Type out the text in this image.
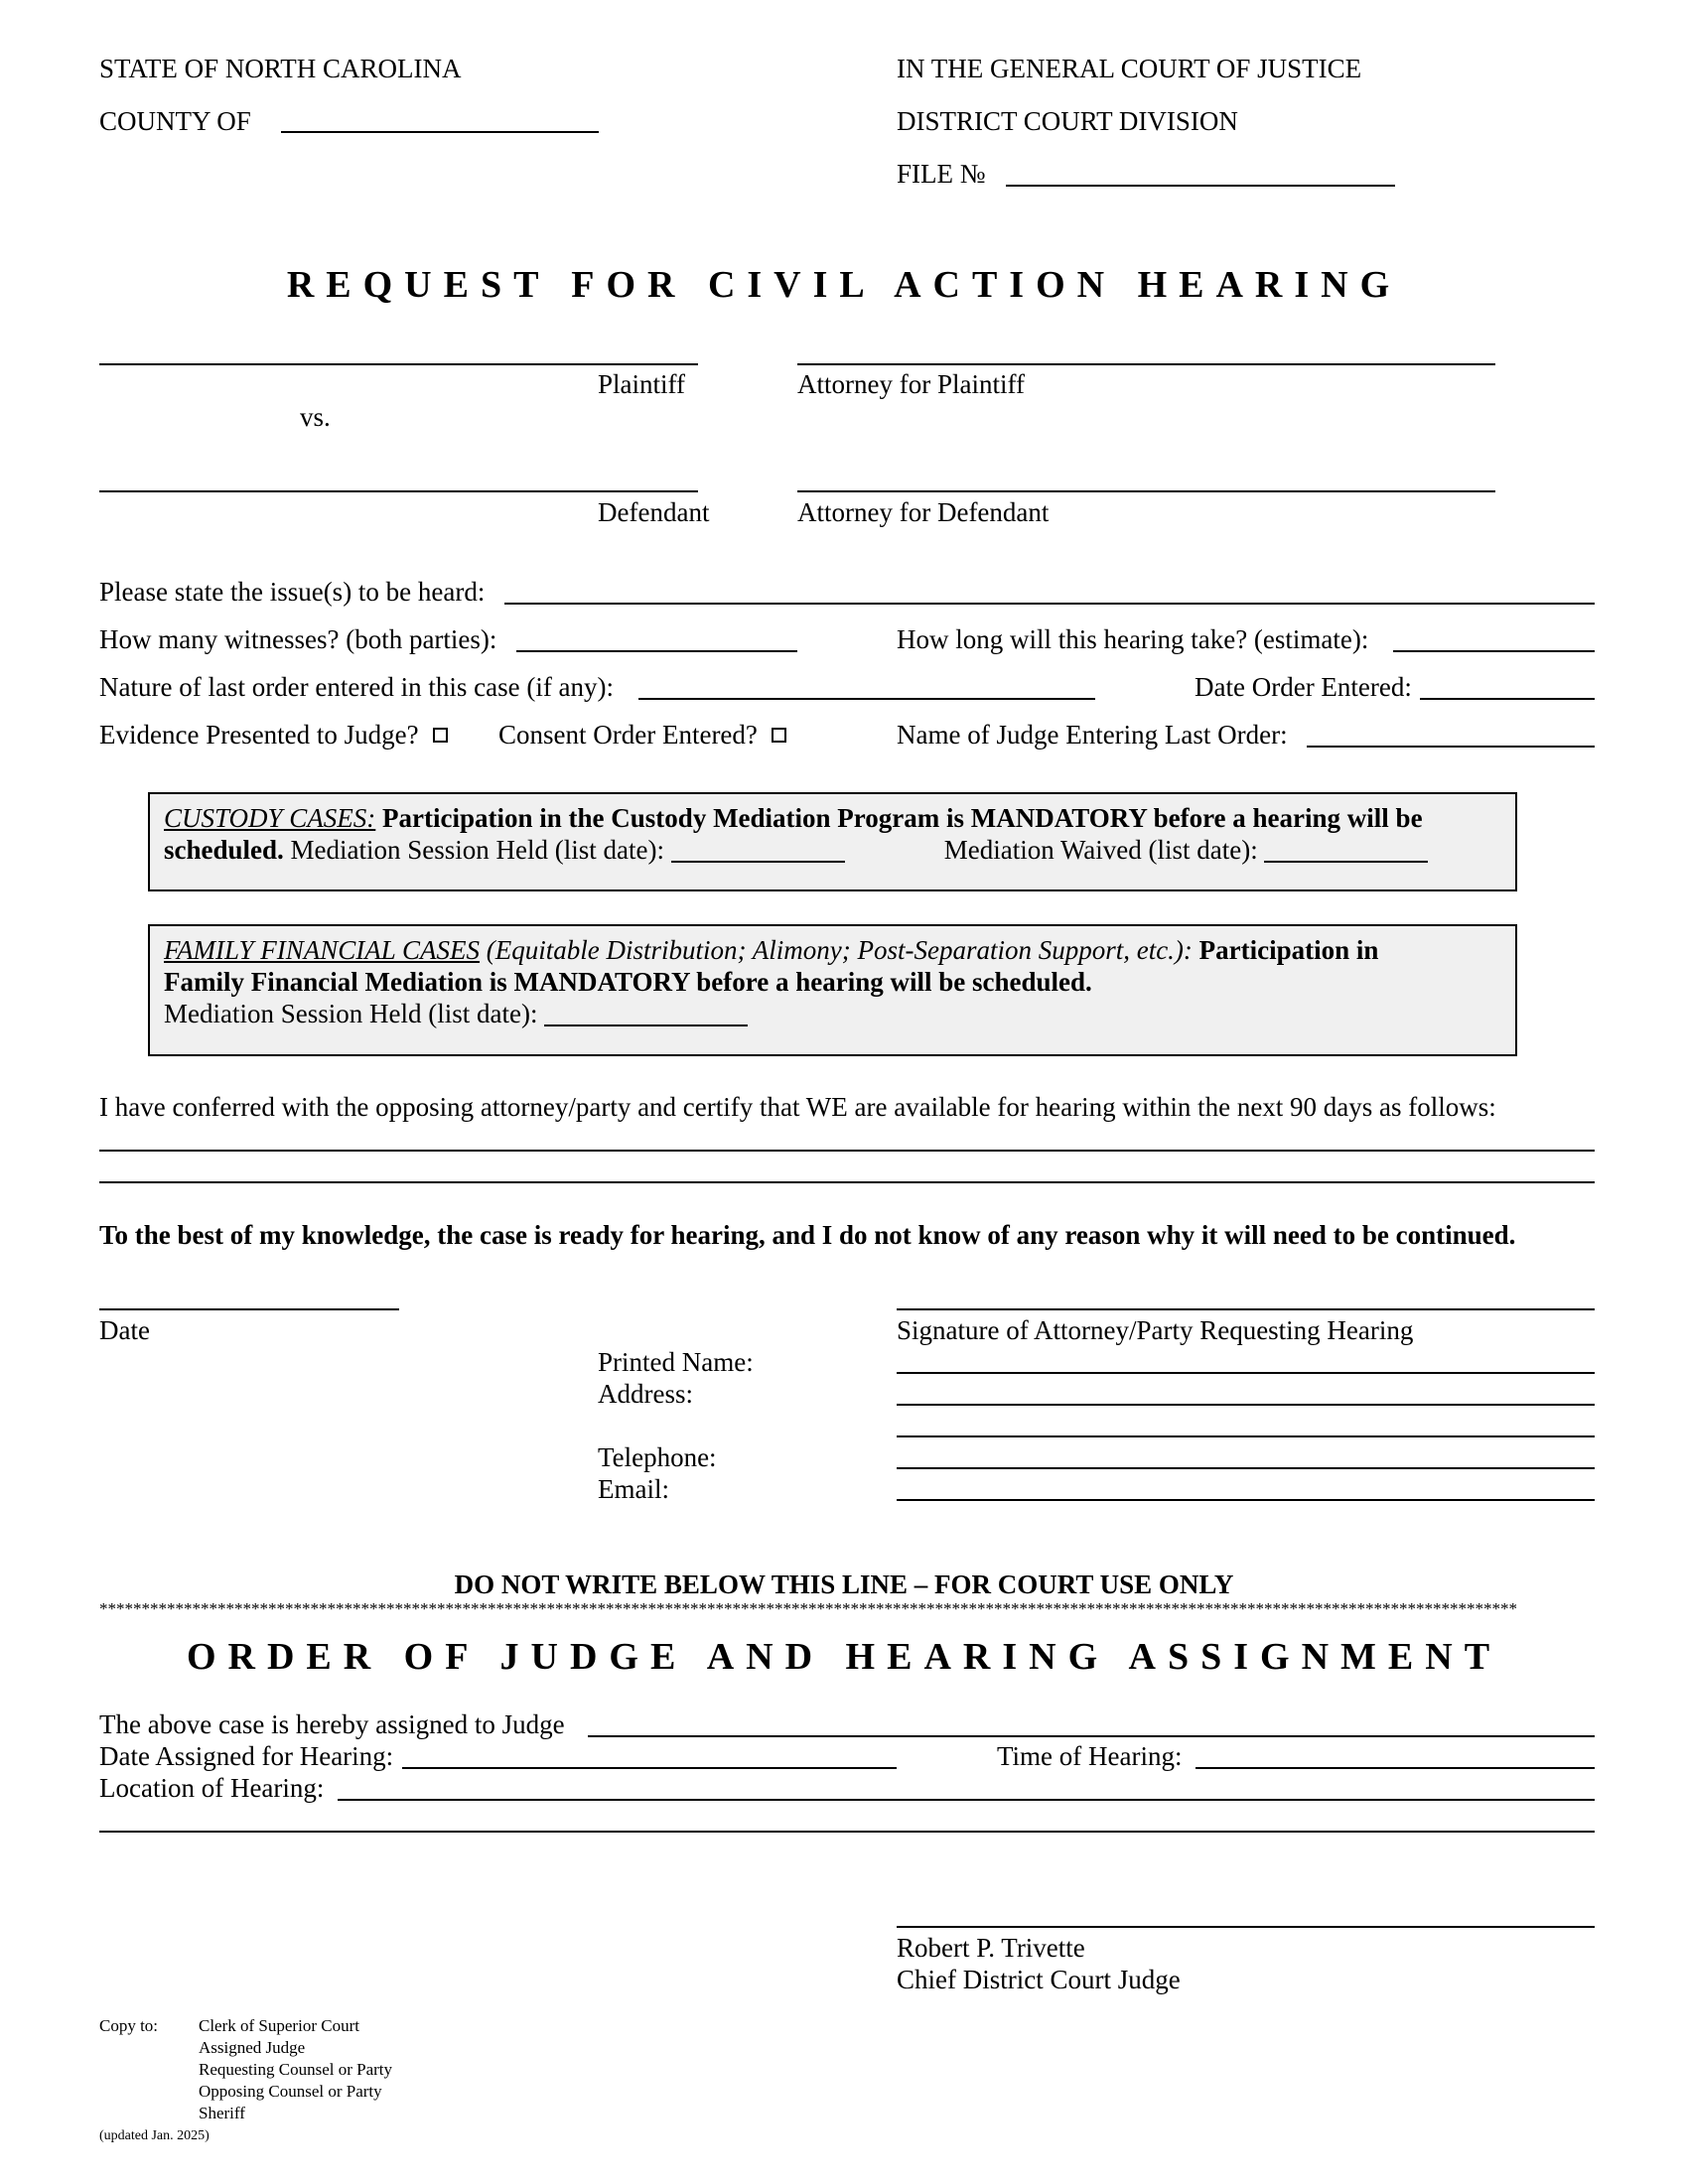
STATE OF NORTH CAROLINA
COUNTY OF
IN THE GENERAL COURT OF JUSTICE
DISTRICT COURT DIVISION
FILE №
REQUEST FOR CIVIL ACTION HEARING
Plaintiff	Attorney for Plaintiff
vs.
Defendant	Attorney for Defendant
Please state the issue(s) to be heard:
How many witnesses? (both parties):	How long will this hearing take? (estimate):
Nature of last order entered in this case (if any):	Date Order Entered:
Evidence Presented to Judge?	Consent Order Entered?	Name of Judge Entering Last Order:
CUSTODY CASES: Participation in the Custody Mediation Program is MANDATORY before a hearing will be
scheduled. Mediation Session Held (list date):	Mediation Waived (list date):
FAMILY FINANCIAL CASES (Equitable Distribution; Alimony; Post-Separation Support, etc.): Participation in
Family Financial Mediation is MANDATORY before a hearing will be scheduled.
Mediation Session Held (list date):
I have conferred with the opposing attorney/party and certify that WE are available for hearing within the next 90 days as follows:
To the best of my knowledge, the case is ready for hearing, and I do not know of any reason why it will need to be continued.
Date	Signature of Attorney/Party Requesting Hearing
Printed Name:
Address:
Telephone:
Email:
DO NOT WRITE BELOW THIS LINE – FOR COURT USE ONLY
************************************************************************************************************************************************************************
ORDER OF JUDGE AND HEARING ASSIGNMENT
The above case is hereby assigned to Judge
Date Assigned for Hearing:	Time of Hearing:
Location of Hearing:
Robert P. Trivette
Chief District Court Judge
Copy to: Clerk of Superior Court
Assigned Judge
Requesting Counsel or Party
Opposing Counsel or Party
Sheriff
(updated Jan. 2025)
